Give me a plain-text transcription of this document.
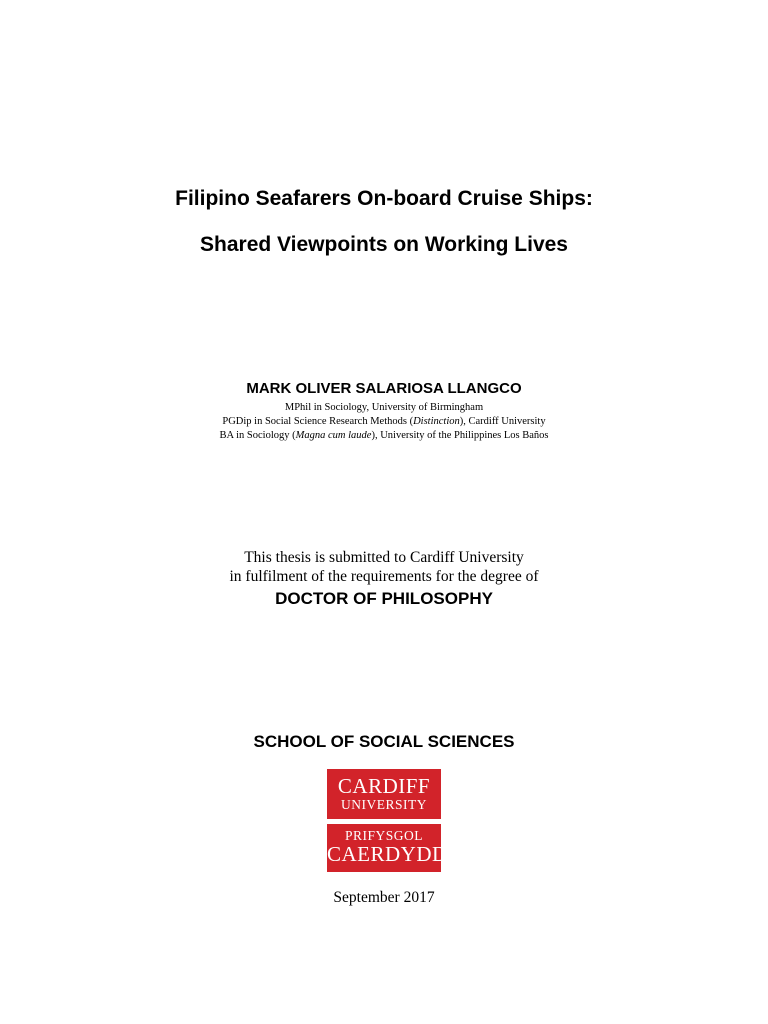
Filipino Seafarers On-board Cruise Ships:

Shared Viewpoints on Working Lives

MARK OLIVER SALARIOSA LLANGCO

MPhil in Sociology, University of Birmingham

PGDip in Social Science Research Methods (Distinction), Cardiff University

BA in Sociology (Magna cum laude), University of the Philippines Los Baños

This thesis is submitted to Cardiff University

in fulfilment of the requirements for the degree of

DOCTOR OF PHILOSOPHY

SCHOOL OF SOCIAL SCIENCES

CARDIFF
UNIVERSITY
PRIFYSGOL
CAERDYDD

September 2017
